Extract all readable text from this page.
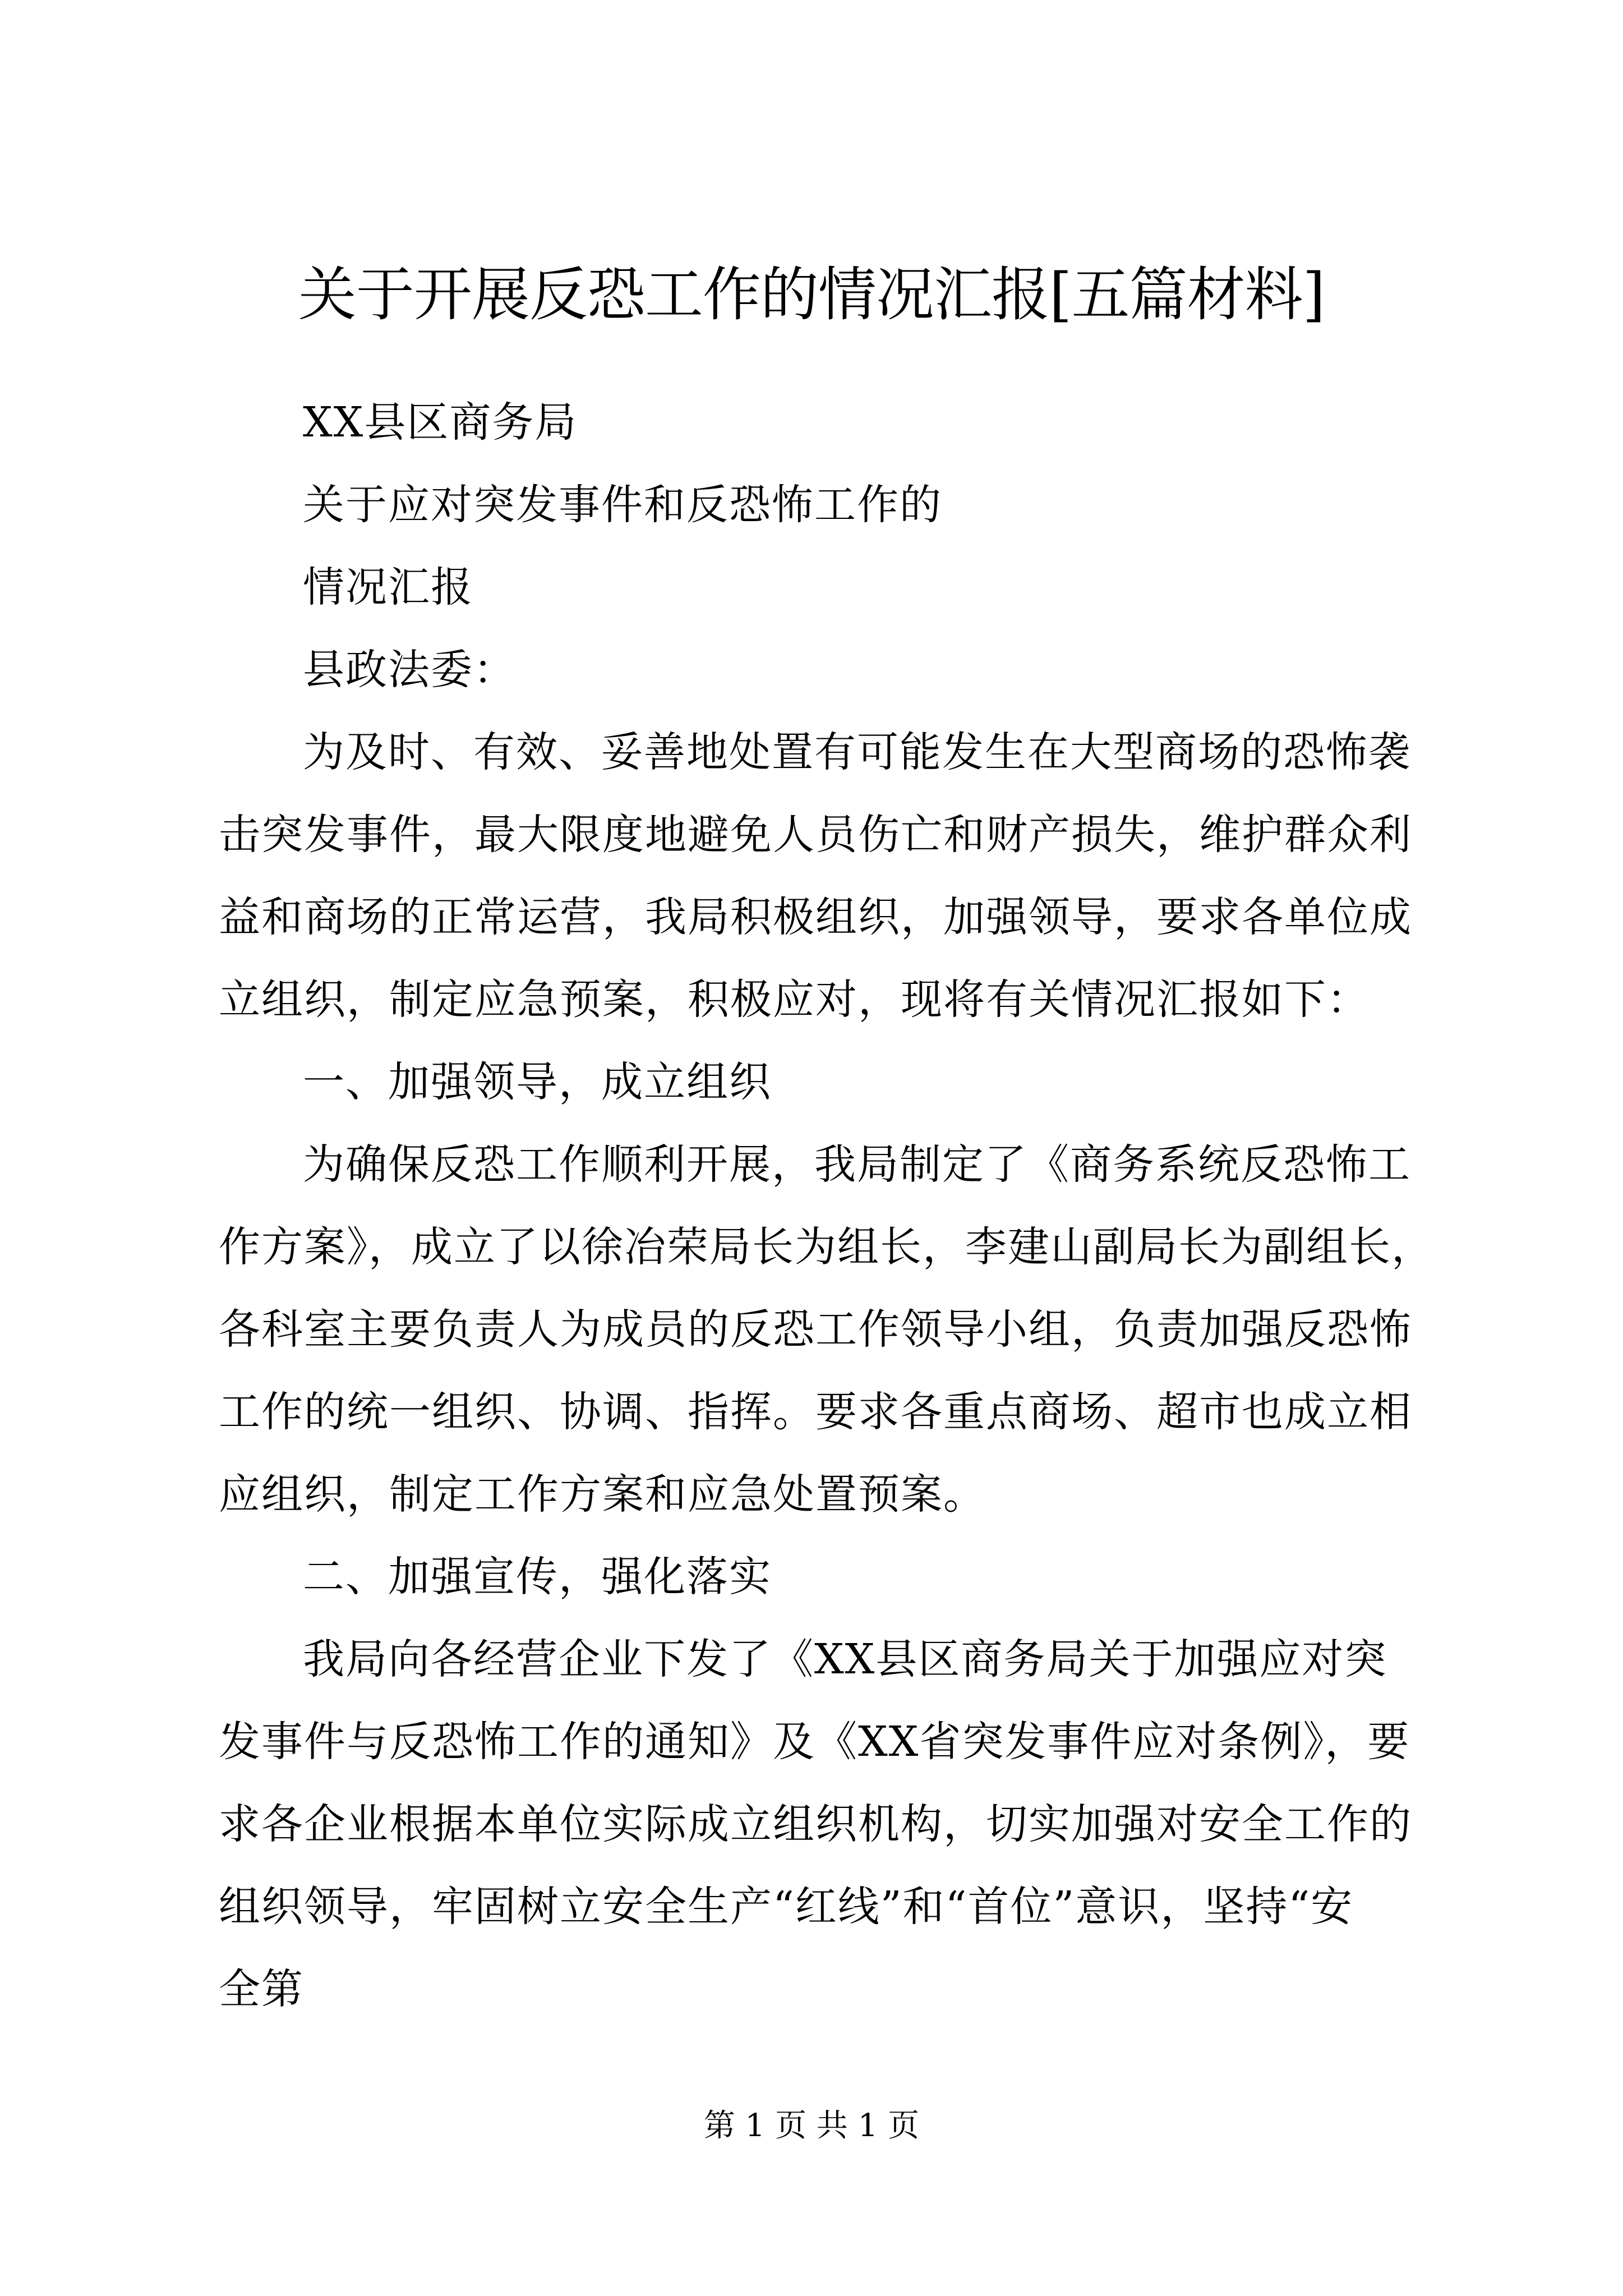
关于开展反恐工作的情况汇报[五篇材料]
XX县区商务局
关于应对突发事件和反恐怖工作的
情况汇报
县政法委：
为及时、有效、妥善地处置有可能发生在大型商场的恐怖袭
击突发事件，最大限度地避免人员伤亡和财产损失，维护群众利
益和商场的正常运营，我局积极组织，加强领导，要求各单位成
立组织，制定应急预案，积极应对，现将有关情况汇报如下：
一、加强领导，成立组织
为确保反恐工作顺利开展，我局制定了《商务系统反恐怖工
作方案》，成立了以徐冶荣局长为组长，李建山副局长为副组长，
各科室主要负责人为成员的反恐工作领导小组，负责加强反恐怖
工作的统一组织、协调、指挥。要求各重点商场、超市也成立相
应组织，制定工作方案和应急处置预案。
二、加强宣传，强化落实
我局向各经营企业下发了《XX县区商务局关于加强应对突
发事件与反恐怖工作的通知》及《XX省突发事件应对条例》，要
求各企业根据本单位实际成立组织机构，切实加强对安全工作的
组织领导，牢固树立安全生产“红线”和“首位”意识，坚持“安
全第
第 1 页 共 1 页
